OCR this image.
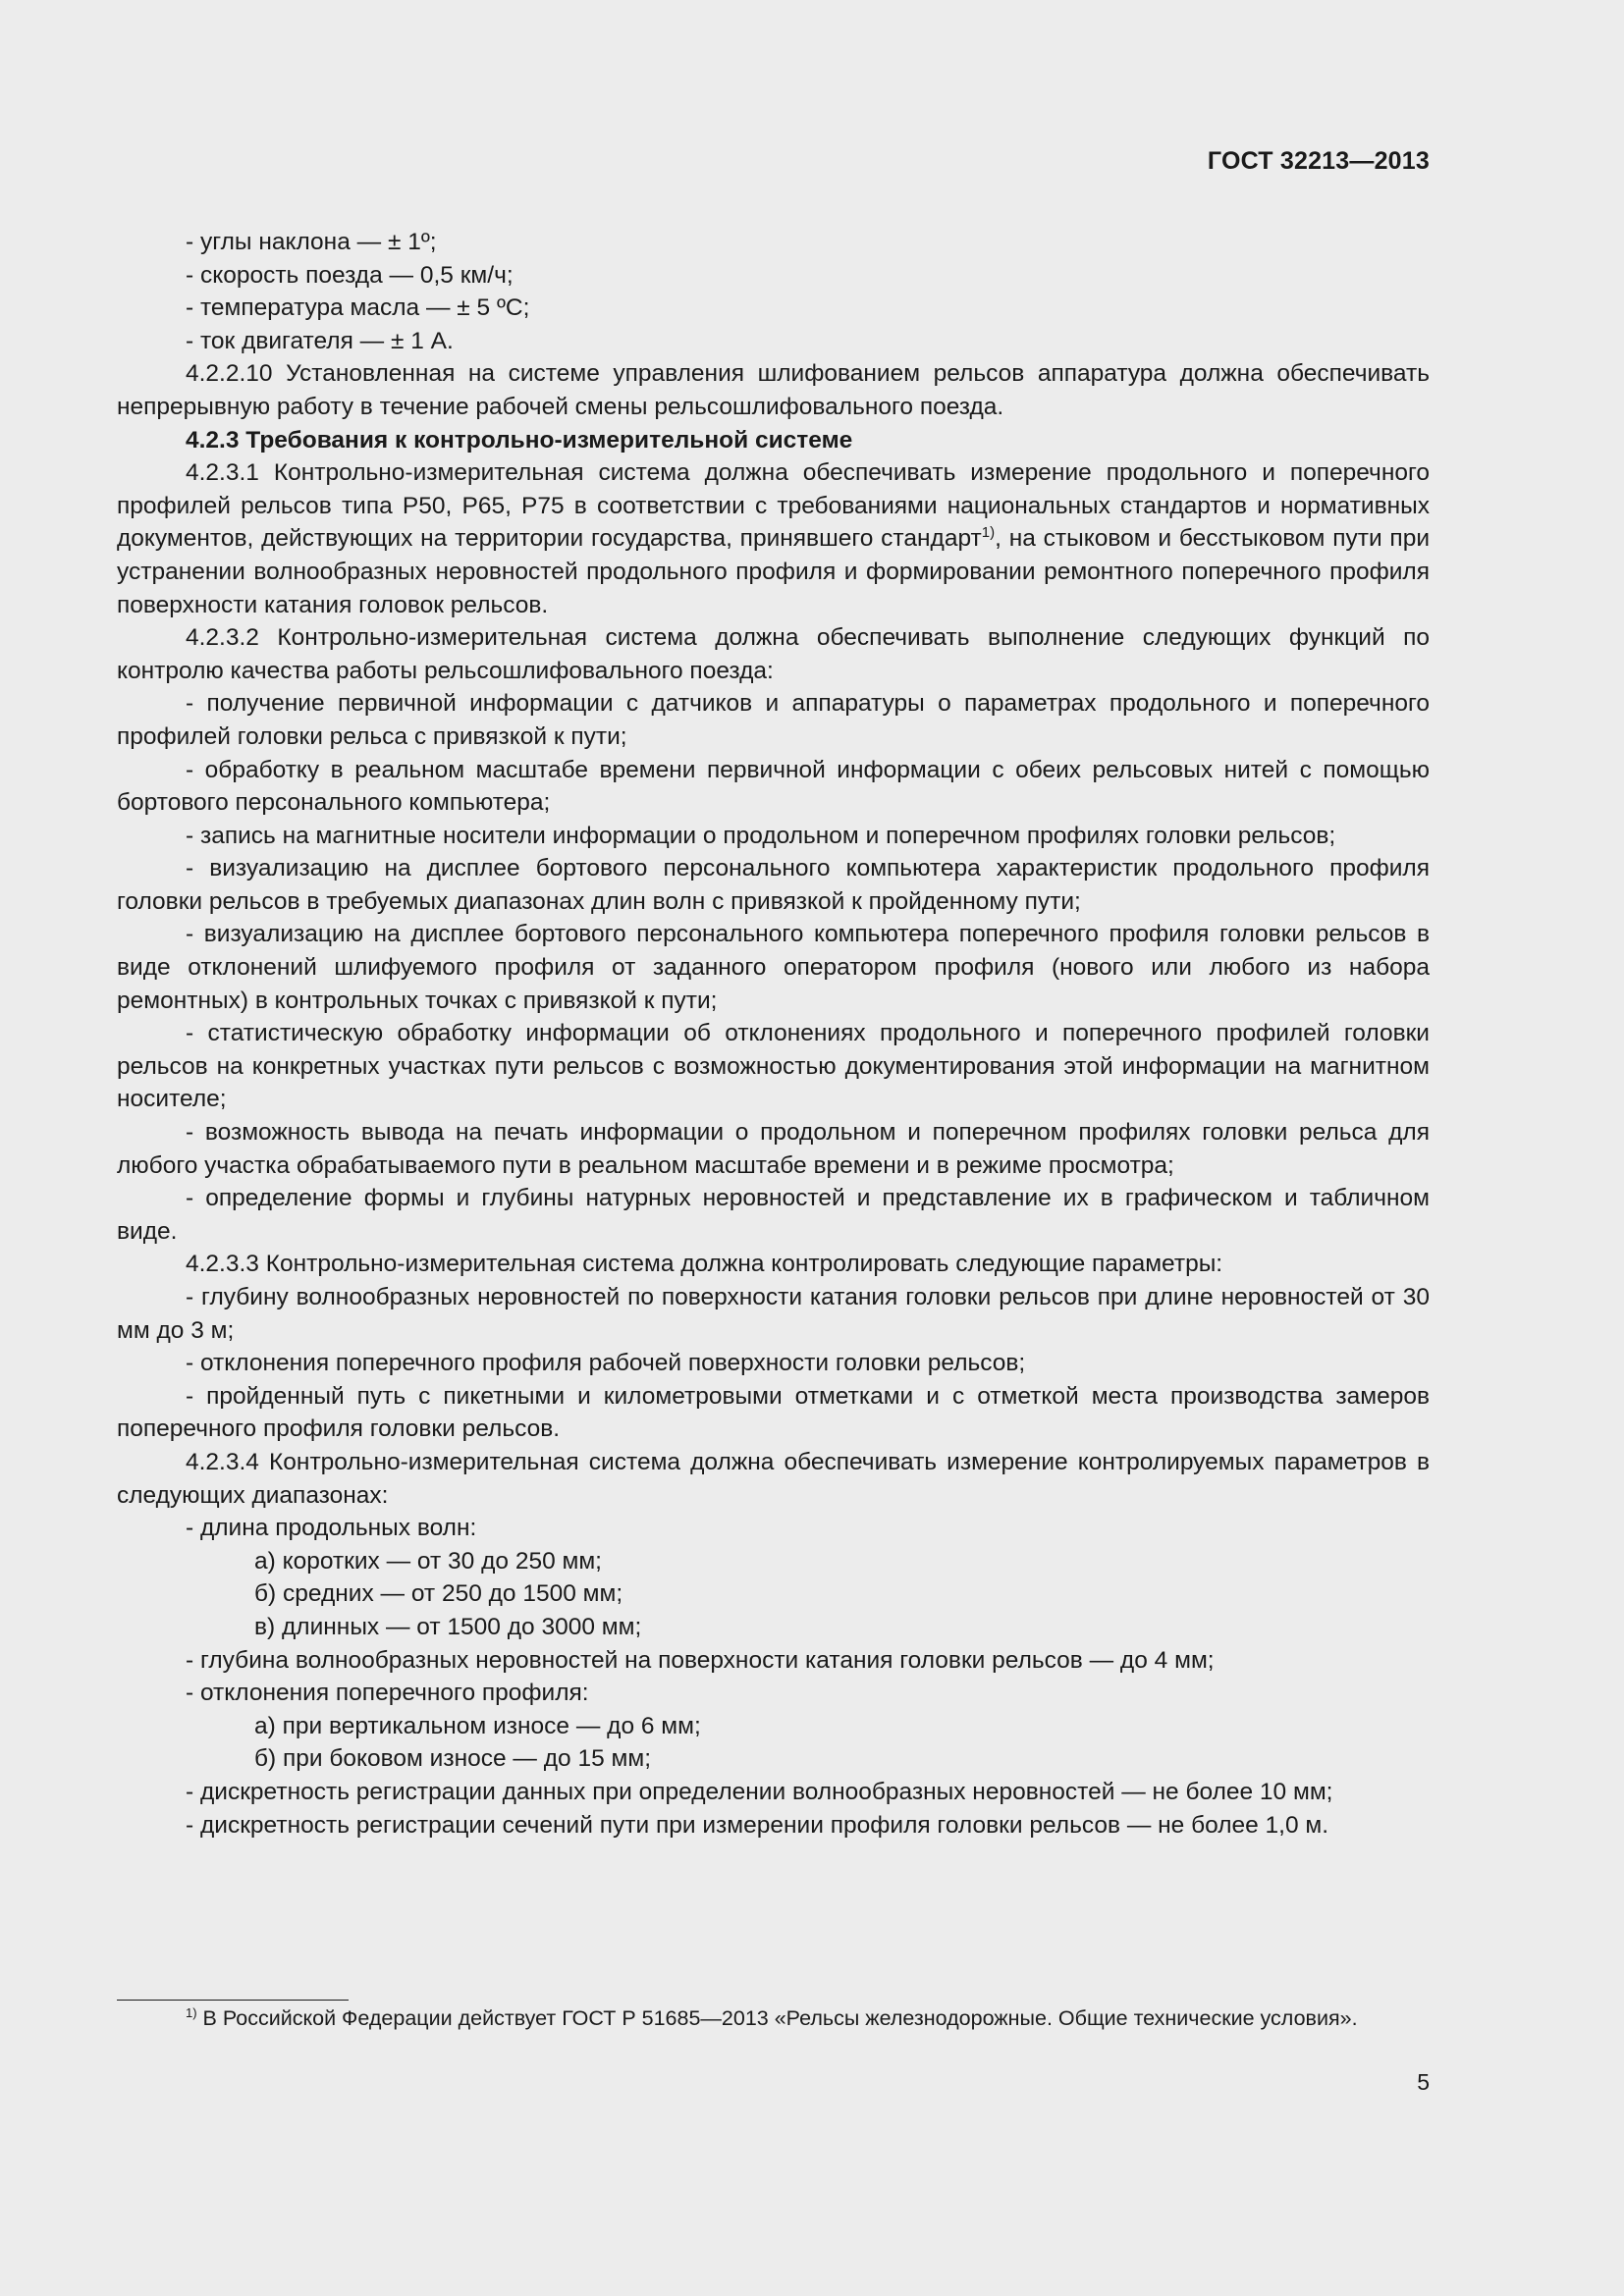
ГОСТ 32213—2013

- углы наклона — ± 1º;

- скорость поезда — 0,5 км/ч;

- температура масла — ± 5 ºС;

- ток двигателя — ± 1 А.

4.2.2.10 Установленная на системе управления шлифованием рельсов аппаратура должна обеспечивать непрерывную работу в течение рабочей смены рельсошлифовального поезда.

4.2.3 Требования к контрольно-измерительной системе

4.2.3.1 Контрольно-измерительная система должна обеспечивать измерение продольного и поперечного профилей рельсов типа Р50, Р65, Р75 в соответствии с требованиями национальных стандартов и нормативных документов, действующих на территории государства, принявшего стандарт$^{1)}$, на стыковом и бесстыковом пути при устранении волнообразных неровностей продольного профиля и формировании ремонтного поперечного профиля поверхности катания головок рельсов.

4.2.3.2 Контрольно-измерительная система должна обеспечивать выполнение следующих функций по контролю качества работы рельсошлифовального поезда:

- получение первичной информации с датчиков и аппаратуры о параметрах продольного и поперечного профилей головки рельса с привязкой к пути;

- обработку в реальном масштабе времени первичной информации с обеих рельсовых нитей с помощью бортового персонального компьютера;

- запись на магнитные носители информации о продольном и поперечном профилях головки рельсов;

- визуализацию на дисплее бортового персонального компьютера характеристик продольного профиля головки рельсов в требуемых диапазонах длин волн с привязкой к пройденному пути;

- визуализацию на дисплее бортового персонального компьютера поперечного профиля головки рельсов в виде отклонений шлифуемого профиля от заданного оператором профиля (нового или любого из набора ремонтных) в контрольных точках с привязкой к пути;

- статистическую обработку информации об отклонениях продольного и поперечного профилей головки рельсов на конкретных участках пути рельсов с возможностью документирования этой информации на магнитном носителе;

- возможность вывода на печать информации о продольном и поперечном профилях головки рельса для любого участка обрабатываемого пути в реальном масштабе времени и в режиме просмотра;

- определение формы и глубины натурных неровностей и представление их в графическом и табличном виде.

4.2.3.3 Контрольно-измерительная система должна контролировать следующие параметры:

- глубину волнообразных неровностей по поверхности катания головки рельсов при длине неровностей от 30 мм до 3 м;

- отклонения поперечного профиля рабочей поверхности головки рельсов;

- пройденный путь с пикетными и километровыми отметками и с отметкой места производства замеров поперечного профиля головки рельсов.

4.2.3.4 Контрольно-измерительная система должна обеспечивать измерение контролируемых параметров в следующих диапазонах:

- длина продольных волн:

а) коротких — от 30 до 250 мм;

б) средних — от 250 до 1500 мм;

в) длинных — от 1500 до 3000 мм;

- глубина волнообразных неровностей на поверхности катания головки рельсов — до 4 мм;

- отклонения поперечного профиля:

а) при вертикальном износе — до 6 мм;

б) при боковом износе — до 15 мм;

- дискретность регистрации данных при определении волнообразных неровностей — не более 10 мм;

- дискретность регистрации сечений пути при измерении профиля головки рельсов — не более 1,0 м.

$^{1)}$ В Российской Федерации действует ГОСТ Р 51685—2013 «Рельсы железнодорожные. Общие технические условия».

5
